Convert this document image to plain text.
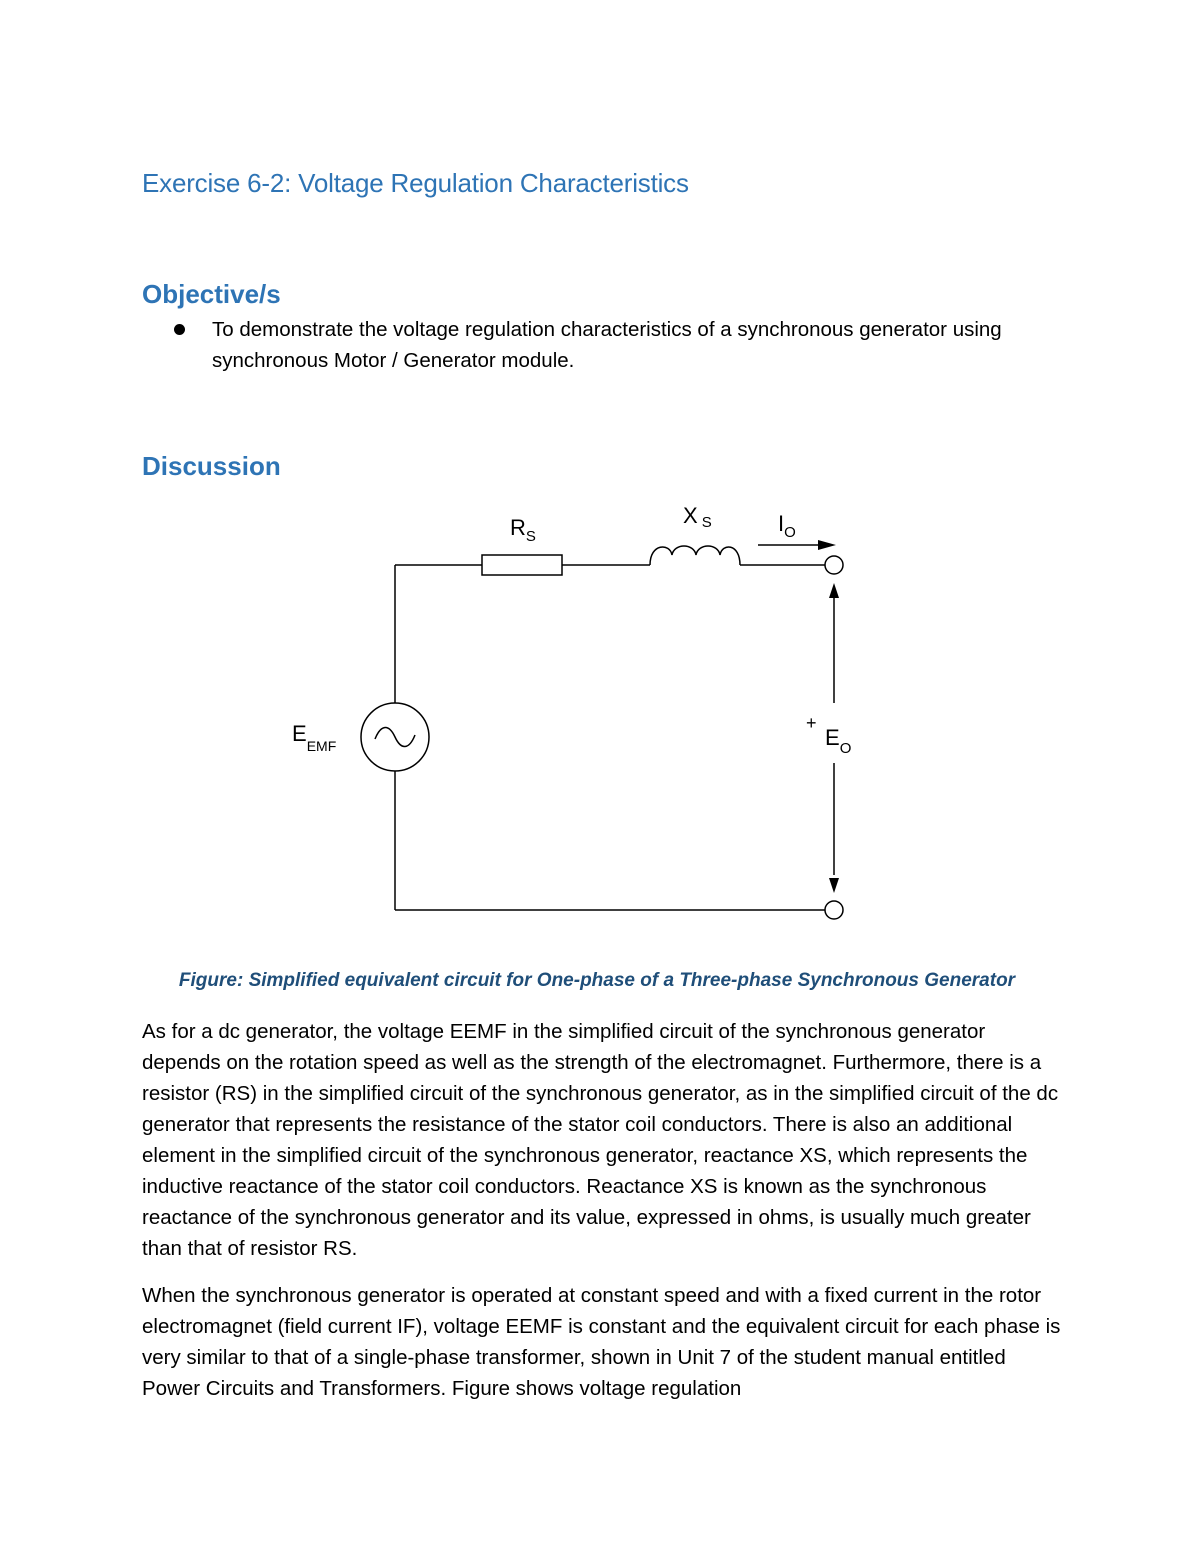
Exercise 6-2: Voltage Regulation Characteristics
Objective/s
To demonstrate the voltage regulation characteristics of a synchronous generator using synchronous Motor / Generator module.
Discussion
$R_S$
X S	$I_O$
$E_{EMF}$
+
$E_O$

Figure: Simplified equivalent circuit for One-phase of a Three-phase Synchronous Generator

As for a dc generator, the voltage EEMF in the simplified circuit of the synchronous generator depends on the rotation speed as well as the strength of the electromagnet. Furthermore, there is a resistor (RS) in the simplified circuit of the synchronous generator, as in the simplified circuit of the dc generator that represents the resistance of the stator coil conductors. There is also an additional element in the simplified circuit of the synchronous generator, reactance XS, which represents the inductive reactance of the stator coil conductors. Reactance XS is known as the synchronous reactance of the synchronous generator and its value, expressed in ohms, is usually much greater than that of resistor RS.

When the synchronous generator is operated at constant speed and with a fixed current in the rotor electromagnet (field current IF), voltage EEMF is constant and the equivalent circuit for each phase is very similar to that of a single-phase transformer, shown in Unit 7 of the student manual entitled Power Circuits and Transformers. Figure shows voltage regulation
